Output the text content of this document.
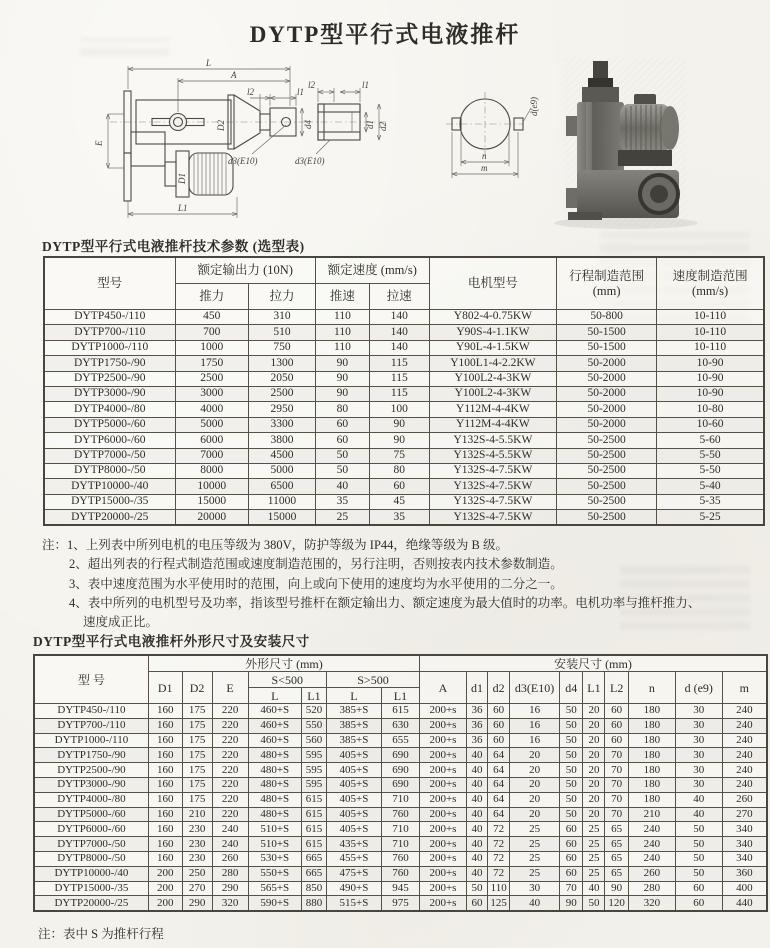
DYTP型平行式电液推杆
L
A
l2	l1
D2	d4
d3(E10)
E
D1
L1
l2	l1
d3(E10)
d1 d2
n
m
d(e9)
DYTP型平行式电液推杆技术参数 (选型表)
型号	额定输出力 (10N)		额定速度 (mm/s)		电机型号	行程制造范围
(mm)	速度制造范围
(mm/s)

	推力	拉力	推速	拉速			
DYTP450-/110	450	310	110	140	Y802-4-0.75KW	50-800	10-110
DYTP700-/110	700	510	110	140	Y90S-4-1.1KW	50-1500	10-110
DYTP1000-/110	1000	750	110	140	Y90L-4-1.5KW	50-1500	10-110
DYTP1750-/90	1750	1300	90	115	Y100L1-4-2.2KW	50-2000	10-90
DYTP2500-/90	2500	2050	90	115	Y100L2-4-3KW	50-2000	10-90
DYTP3000-/90	3000	2500	90	115	Y100L2-4-3KW	50-2000	10-90
DYTP4000-/80	4000	2950	80	100	Y112M-4-4KW	50-2000	10-80
DYTP5000-/60	5000	3300	60	90	Y112M-4-4KW	50-2000	10-60
DYTP6000-/60	6000	3800	60	90	Y132S-4-5.5KW	50-2500	5-60
DYTP7000-/50	7000	4500	50	75	Y132S-4-5.5KW	50-2500	5-50
DYTP8000-/50	8000	5000	50	80	Y132S-4-7.5KW	50-2500	5-50
DYTP10000-/40	10000	6500	40	60	Y132S-4-7.5KW	50-2500	5-40
DYTP15000-/35	15000	11000	35	45	Y132S-4-7.5KW	50-2500	5-35
DYTP20000-/25	20000	15000	25	35	Y132S-4-7.5KW	50-2500	5-25
注：1、上列表中所列电机的电压等级为 380V，防护等级为 IP44，绝缘等级为 B 级。
2、超出列表的行程式制造范围或速度制造范围的，另行注明，否则按表内技术参数制造。
3、表中速度范围为水平使用时的范围，向上或向下使用的速度均为水平使用的二分之一。
4、表中所列的电机型号及功率，指该型号推杆在额定输出力、额定速度为最大值时的功率。电机功率与推杆推力、
速度成正比。
DYTP型平行式电液推杆外形尺寸及安装尺寸
型 号	外形尺寸 (mm)							安装尺寸 (mm)									
	D1	D2	E	S<500		S>500		A	d1	d2	d3(E10)	d4	L1	L2	n	d (e9)	m
				L	L1	L	L1										
DYTP450-/110	160	175	220	460+S	520	385+S	615	200+s	36	60	16	50	20	60	180	30	240
DYTP700-/110	160	175	220	460+S	550	385+S	630	200+s	36	60	16	50	20	60	180	30	240
DYTP1000-/110	160	175	220	460+S	560	385+S	655	200+s	36	60	16	50	20	60	180	30	240
DYTP1750-/90	160	175	220	480+S	595	405+S	690	200+s	40	64	20	50	20	70	180	30	240
DYTP2500-/90	160	175	220	480+S	595	405+S	690	200+s	40	64	20	50	20	70	180	30	240
DYTP3000-/90	160	175	220	480+S	595	405+S	690	200+s	40	64	20	50	20	70	180	30	240
DYTP4000-/80	160	175	220	480+S	615	405+S	710	200+s	40	64	20	50	20	70	180	40	260
DYTP5000-/60	160	210	220	480+S	615	405+S	760	200+s	40	64	20	50	20	70	210	40	270
DYTP6000-/60	160	230	240	510+S	615	405+S	710	200+s	40	72	25	60	25	65	240	50	340
DYTP7000-/50	160	230	240	510+S	615	435+S	710	200+s	40	72	25	60	25	65	240	50	340
DYTP8000-/50	160	230	260	530+S	665	455+S	760	200+s	40	72	25	60	25	65	240	50	340
DYTP10000-/40	200	250	280	550+S	665	475+S	760	200+s	40	72	25	60	25	65	260	50	360
DYTP15000-/35	200	270	290	565+S	850	490+S	945	200+s	50	110	30	70	40	90	280	60	400
DYTP20000-/25	200	290	320	590+S	880	515+S	975	200+s	60	125	40	90	50	120	320	60	440
注：表中 S 为推杆行程
